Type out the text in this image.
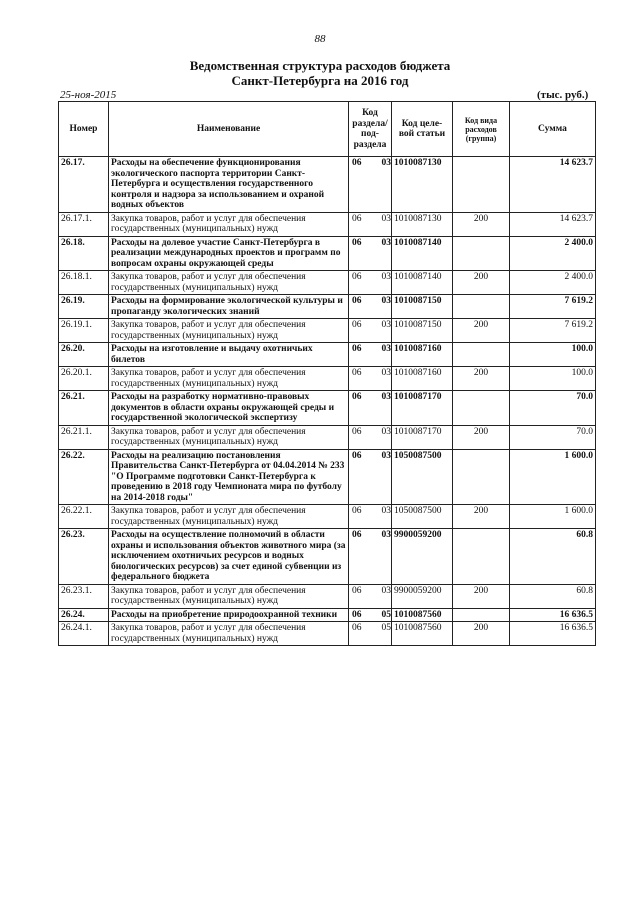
88
Ведомственная структура расходов бюджета
Санкт-Петербурга на 2016 год
25-ноя-2015	(тыс. руб.)
Номер	Наименование	Код раздела/ под- раздела	Код целе- вой статьи	Код вида расходов (группа)	Сумма
26.17.	Расходы на обеспечение функционирования экологического паспорта территории Санкт-Петербурга и осуществления государственного контроля и надзора за использованием и охраной водных объектов	06 03	1010087130		14 623.7
26.17.1.	Закупка товаров, работ и услуг для обеспечения государственных (муниципальных) нужд	06 03	1010087130	200	14 623.7
26.18.	Расходы на долевое участие Санкт-Петербурга в реализации международных проектов и программ по вопросам охраны окружающей среды	06 03	1010087140		2 400.0
26.18.1.	Закупка товаров, работ и услуг для обеспечения государственных (муниципальных) нужд	06 03	1010087140	200	2 400.0
26.19.	Расходы на формирование экологической культуры и пропаганду экологических знаний	06 03	1010087150		7 619.2
26.19.1.	Закупка товаров, работ и услуг для обеспечения государственных (муниципальных) нужд	06 03	1010087150	200	7 619.2
26.20.	Расходы на изготовление и выдачу охотничьих билетов	06 03	1010087160		100.0
26.20.1.	Закупка товаров, работ и услуг для обеспечения государственных (муниципальных) нужд	06 03	1010087160	200	100.0
26.21.	Расходы на разработку нормативно-правовых документов в области охраны окружающей среды и государственной экологической экспертизу	06 03	1010087170		70.0
26.21.1.	Закупка товаров, работ и услуг для обеспечения государственных (муниципальных) нужд	06 03	1010087170	200	70.0
26.22.	Расходы на реализацию постановления Правительства Санкт-Петербурга от 04.04.2014 № 233 "О Программе подготовки Санкт-Петербурга к проведению в 2018 году Чемпионата мира по футболу на 2014-2018 годы"	06 03	1050087500		1 600.0
26.22.1.	Закупка товаров, работ и услуг для обеспечения государственных (муниципальных) нужд	06 03	1050087500	200	1 600.0
26.23.	Расходы на осуществление полномочий в области охраны и использования объектов животного мира (за исключением охотничьих ресурсов и водных биологических ресурсов) за счет единой субвенции из федерального бюджета	06 03	9900059200		60.8
26.23.1.	Закупка товаров, работ и услуг для обеспечения государственных (муниципальных) нужд	06 03	9900059200	200	60.8
26.24.	Расходы на приобретение природоохранной техники	06 05	1010087560		16 636.5
26.24.1.	Закупка товаров, работ и услуг для обеспечения государственных (муниципальных) нужд	06 05	1010087560	200	16 636.5
